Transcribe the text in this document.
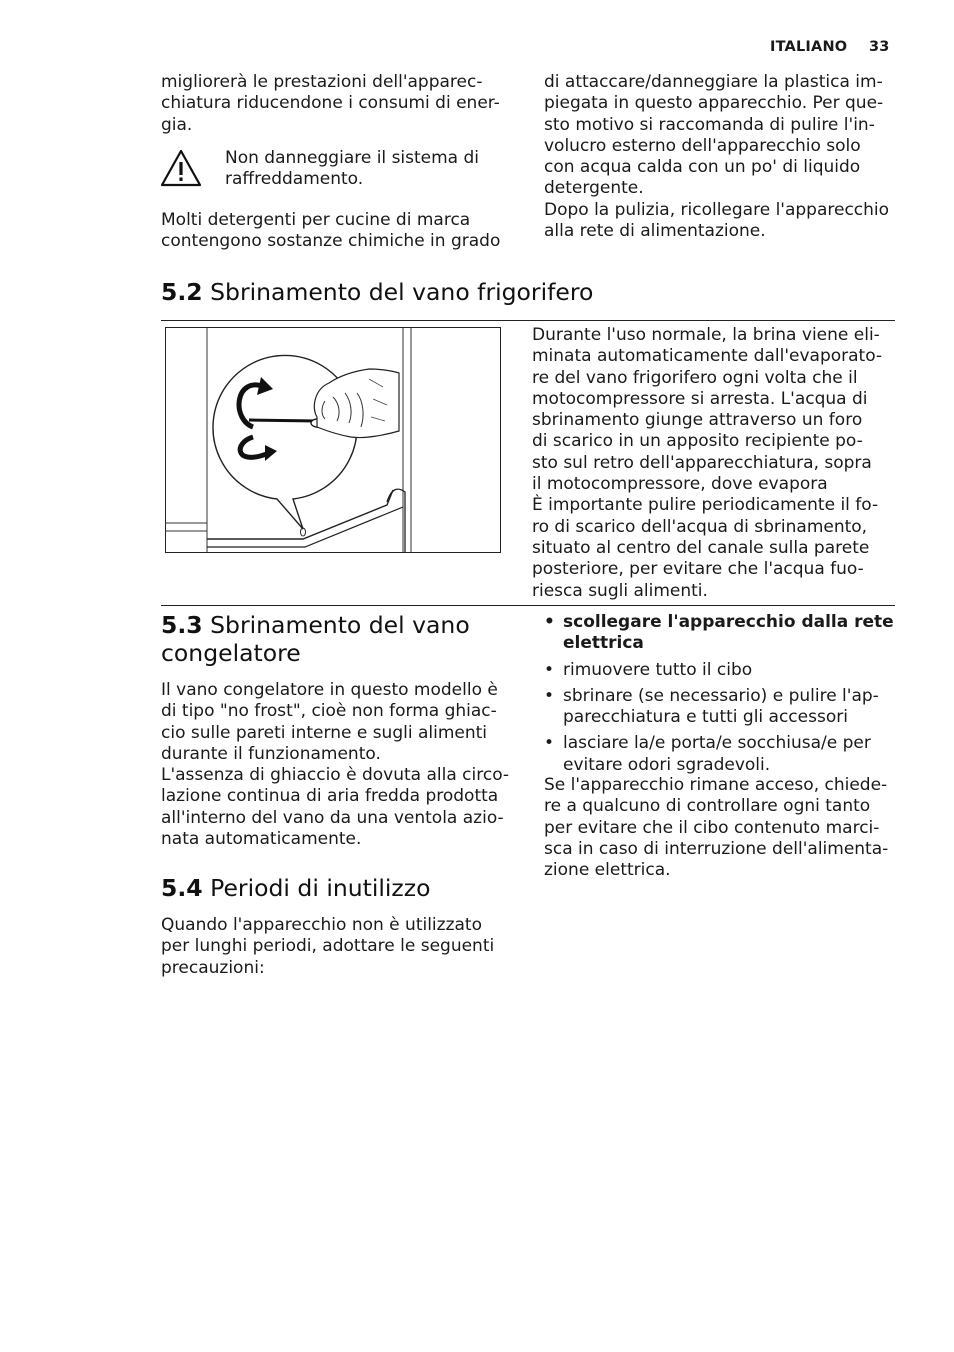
ITALIANO 33
migliorerà le prestazioni dell'apparec-
chiatura riducendone i consumi di ener-
gia.
Non danneggiare il sistema di
raffreddamento.
Molti detergenti per cucine di marca
contengono sostanze chimiche in grado
di attaccare/danneggiare la plastica im-
piegata in questo apparecchio. Per que-
sto motivo si raccomanda di pulire l'in-
volucro esterno dell'apparecchio solo
con acqua calda con un po' di liquido
detergente.
Dopo la pulizia, ricollegare l'apparecchio
alla rete di alimentazione.
5.2 Sbrinamento del vano frigorifero
Durante l'uso normale, la brina viene eli-
minata automaticamente dall'evaporato-
re del vano frigorifero ogni volta che il
motocompressore si arresta. L'acqua di
sbrinamento giunge attraverso un foro
di scarico in un apposito recipiente po-
sto sul retro dell'apparecchiatura, sopra
il motocompressore, dove evapora
È importante pulire periodicamente il fo-
ro di scarico dell'acqua di sbrinamento,
situato al centro del canale sulla parete
posteriore, per evitare che l'acqua fuo-
riesca sugli alimenti.
5.3 Sbrinamento del vano
congelatore
Il vano congelatore in questo modello è
di tipo "no frost", cioè non forma ghiac-
cio sulle pareti interne e sugli alimenti
durante il funzionamento.
L'assenza di ghiaccio è dovuta alla circo-
lazione continua di aria fredda prodotta
all'interno del vano da una ventola azio-
nata automaticamente.
5.4 Periodi di inutilizzo
Quando l'apparecchio non è utilizzato
per lunghi periodi, adottare le seguenti
precauzioni:
• scollegare l'apparecchio dalla rete
elettrica
• rimuovere tutto il cibo
• sbrinare (se necessario) e pulire l'ap-
parecchiatura e tutti gli accessori
• lasciare la/e porta/e socchiusa/e per
evitare odori sgradevoli.
Se l'apparecchio rimane acceso, chiede-
re a qualcuno di controllare ogni tanto
per evitare che il cibo contenuto marci-
sca in caso di interruzione dell'alimenta-
zione elettrica.
